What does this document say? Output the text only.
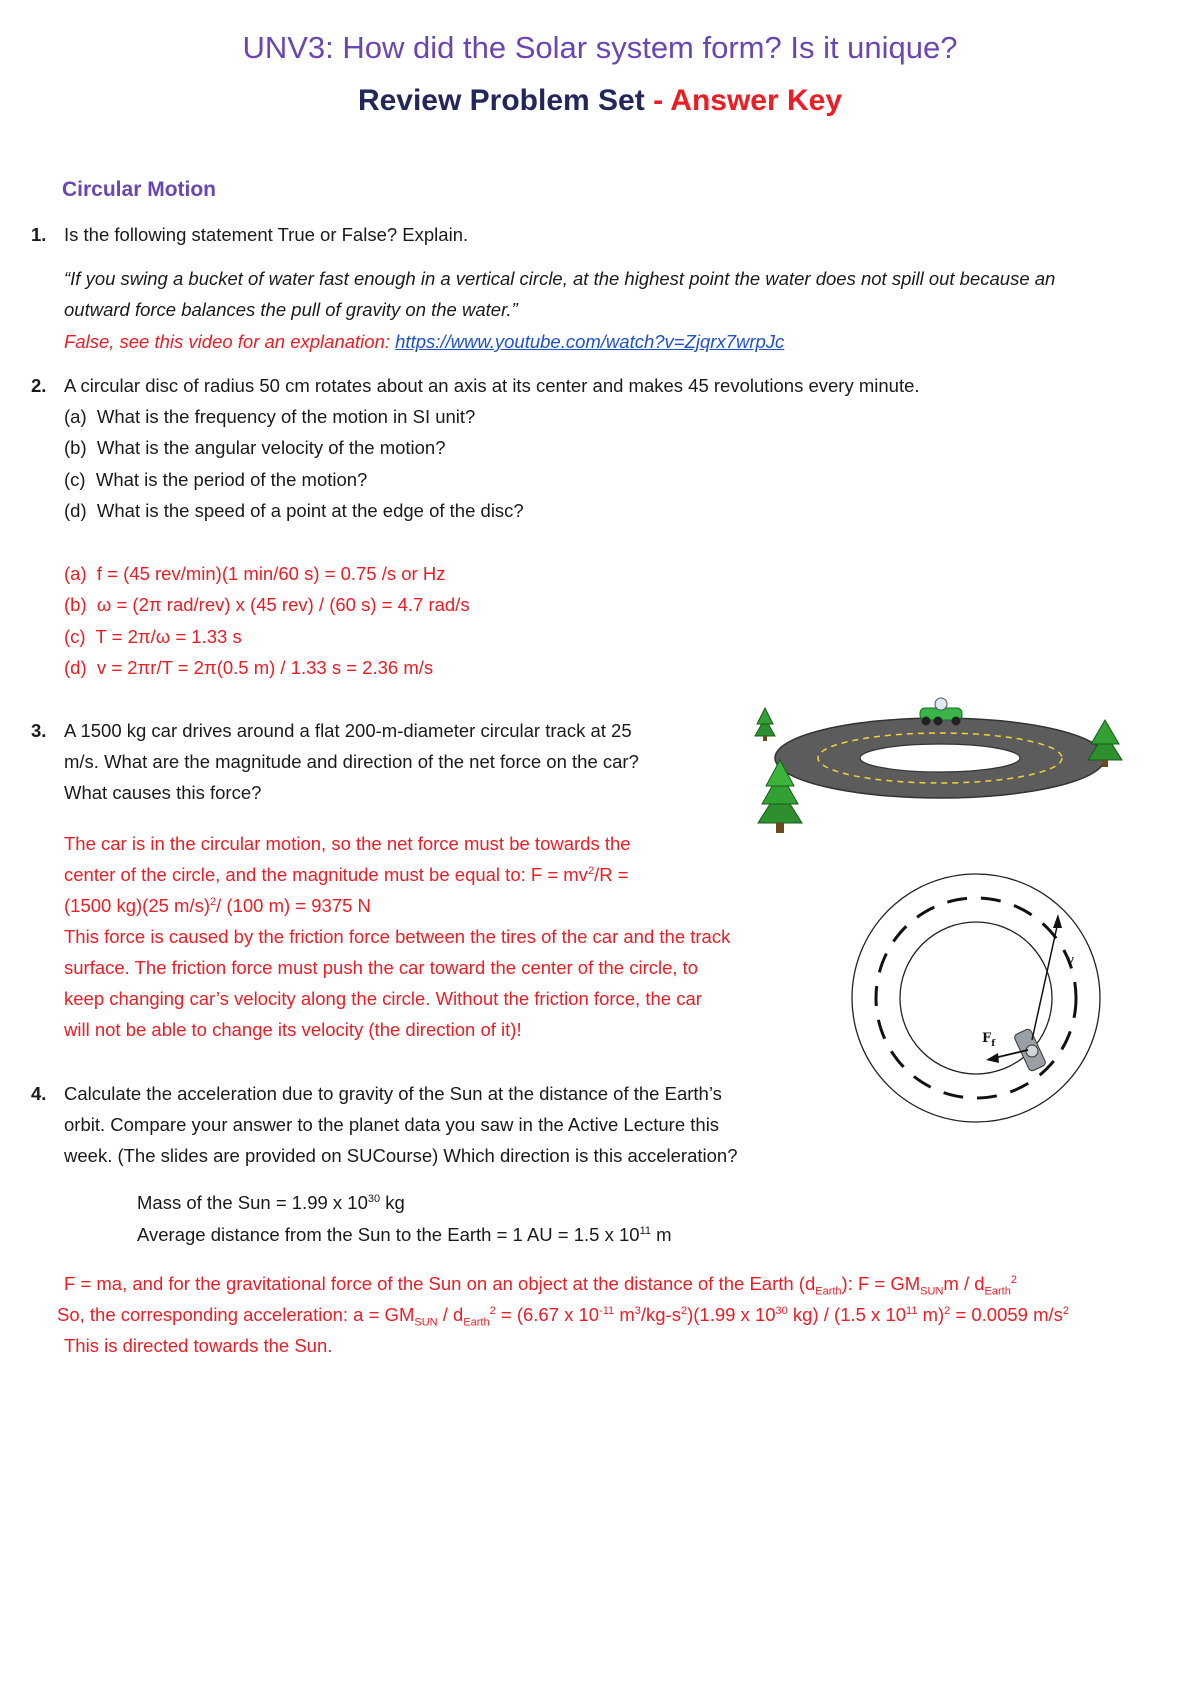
UNV3: How did the Solar system form? Is it unique?
Review Problem Set - Answer Key
Circular Motion
1. Is the following statement True or False? Explain.
“If you swing a bucket of water fast enough in a vertical circle, at the highest point the water does not spill out because an
outward force balances the pull of gravity on the water.”
False, see this video for an explanation: https://www.youtube.com/watch?v=Zjqrx7wrpJc
2. A circular disc of radius 50 cm rotates about an axis at its center and makes 45 revolutions every minute.
(a) What is the frequency of the motion in SI unit?
(b) What is the angular velocity of the motion?
(c) What is the period of the motion?
(d) What is the speed of a point at the edge of the disc?
(a) f = (45 rev/min)(1 min/60 s) = 0.75 /s or Hz
(b) ω = (2π rad/rev) x (45 rev) / (60 s) = 4.7 rad/s
(c) T = 2π/ω = 1.33 s
(d) v = 2πr/T = 2π(0.5 m) / 1.33 s = 2.36 m/s
3. A 1500 kg car drives around a flat 200-m-diameter circular track at 25
m/s. What are the magnitude and direction of the net force on the car?
What causes this force?
The car is in the circular motion, so the net force must be towards the
center of the circle, and the magnitude must be equal to: $F = mv^2/R$ =
(1500 kg)(25 m/s)$^2$/ (100 m) = 9375 N
This force is caused by the friction force between the tires of the car and the track
surface. The friction force must push the car toward the center of the circle, to
keep changing car’s velocity along the circle. Without the friction force, the car
will not be able to change its velocity (the direction of it)!
v
$F_f$
4. Calculate the acceleration due to gravity of the Sun at the distance of the Earth’s
orbit. Compare your answer to the planet data you saw in the Active Lecture this
week. (The slides are provided on SUCourse) Which direction is this acceleration?
Mass of the Sun = 1.99 x $10^{30}$ kg
Average distance from the Sun to the Earth = 1 AU = 1.5 x $10^{11}$ m
F = ma, and for the gravitational force of the Sun on an object at the distance of the Earth $(d_{Earth})$: $F = GM_{SUN}m / d_{Earth}^2$
So, the corresponding acceleration: $a = GM_{SUN} / d_{Earth}^2 = (6.67$ x $10^{-11}$ $m^3/kg-s^2)(1.99$ x $10^{30}$ kg) / (1.5 x $10^{11}$ m)$^2$ = 0.0059 $m/s^2$
This is directed towards the Sun.
